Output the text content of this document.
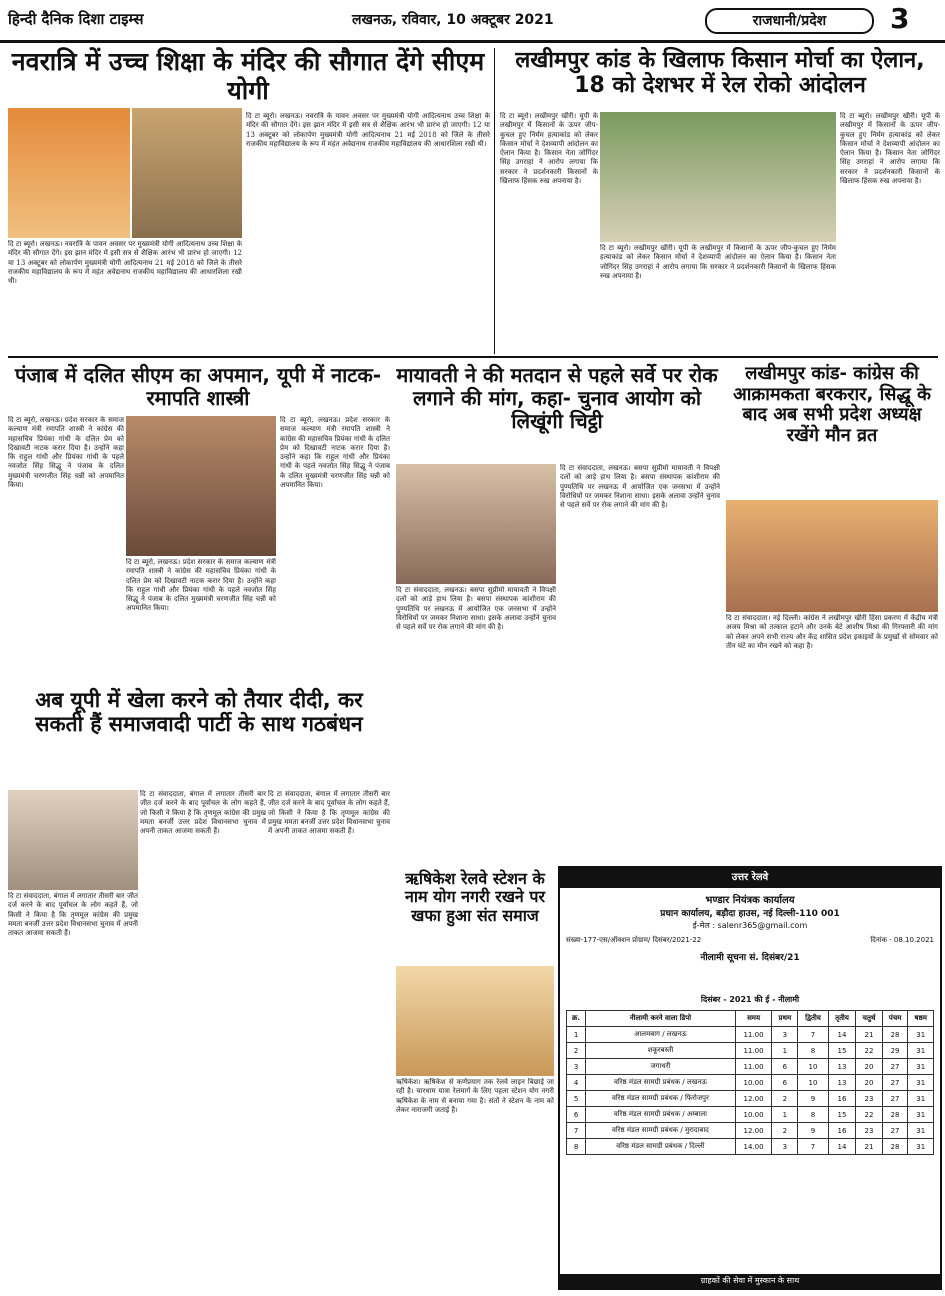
हिन्दी दैनिक दिशा टाइम्स	लखनऊ, रविवार, 10 अक्टूबर 2021	राजधानी/प्रदेश	3
नवरात्रि में उच्च शिक्षा के मंदिर की सौगात देंगे सीएम योगी
दि टा ब्यूरो। लखनऊ। नवरात्रि के पावन अवसर पर मुख्यमंत्री योगी आदित्यनाथ उच्च शिक्षा के मंदिर की सौगात देंगे। इस झान मंदिर में इसी सत्र से शैक्षिक आरंभ भी प्रारंभ हो जाएगी। 12 या 13 अक्टूबर को लोकार्पण मुख्यमंत्री योगी आदित्यनाथ 21 मई 2018 को जिले के तीसरे राजकीय महाविद्यालय के रूप में महंत अवेद्यनाथ राजकीय महाविद्यालय की आधारशिला रखी थी।
दि टा ब्यूरो। लखनऊ। नवरात्रि के पावन अवसर पर मुख्यमंत्री योगी आदित्यनाथ उच्च शिक्षा के मंदिर की सौगात देंगे। इस झान मंदिर में इसी सत्र से शैक्षिक आरंभ भी प्रारंभ हो जाएगी। 12 या 13 अक्टूबर को लोकार्पण मुख्यमंत्री योगी आदित्यनाथ 21 मई 2018 को जिले के तीसरे राजकीय महाविद्यालय के रूप में महंत अवेद्यनाथ राजकीय महाविद्यालय की आधारशिला रखी थी।
लखीमपुर कांड के खिलाफ किसान मोर्चा का ऐलान, 18 को देशभर में रेल रोको आंदोलन
दि टा ब्यूरो। लखीमपुर खीरी। यूपी के लखीमपुर में किसानों के ऊपर जीप-कुचल हुए निर्मम हत्याकांड को लेकर किसान मोर्चा ने देशव्यापी आंदोलन का ऐलान किया है। किसान नेता जोगिंदर सिंह उगराहां ने आरोप लगाया कि सरकार ने प्रदर्शनकारी किसानों के खिलाफ हिंसक रुख अपनाया है।
दि टा ब्यूरो। लखीमपुर खीरी। यूपी के लखीमपुर में किसानों के ऊपर जीप-कुचल हुए निर्मम हत्याकांड को लेकर किसान मोर्चा ने देशव्यापी आंदोलन का ऐलान किया है। किसान नेता जोगिंदर सिंह उगराहां ने आरोप लगाया कि सरकार ने प्रदर्शनकारी किसानों के खिलाफ हिंसक रुख अपनाया है।
दि टा ब्यूरो। लखीमपुर खीरी। यूपी के लखीमपुर में किसानों के ऊपर जीप-कुचल हुए निर्मम हत्याकांड को लेकर किसान मोर्चा ने देशव्यापी आंदोलन का ऐलान किया है। किसान नेता जोगिंदर सिंह उगराहां ने आरोप लगाया कि सरकार ने प्रदर्शनकारी किसानों के खिलाफ हिंसक रुख अपनाया है।
पंजाब में दलित सीएम का अपमान, यूपी में नाटक- रमापति शास्त्री
दि टा ब्यूरो, लखनऊ। प्रदेश सरकार के समाज कल्याण मंत्री रमापति शास्त्री ने कांग्रेस की महासचिव प्रियंका गांधी के दलित प्रेम को दिखावटी नाटक करार दिया है। उन्होंने कहा कि राहुल गांधी और प्रियंका गांधी के पहले नवजोत सिंह सिद्धू ने पंजाब के दलित मुख्यमंत्री चरणजीत सिंह चन्नी को अपमानित किया।
दि टा ब्यूरो, लखनऊ। प्रदेश सरकार के समाज कल्याण मंत्री रमापति शास्त्री ने कांग्रेस की महासचिव प्रियंका गांधी के दलित प्रेम को दिखावटी नाटक करार दिया है। उन्होंने कहा कि राहुल गांधी और प्रियंका गांधी के पहले नवजोत सिंह सिद्धू ने पंजाब के दलित मुख्यमंत्री चरणजीत सिंह चन्नी को अपमानित किया।
दि टा ब्यूरो, लखनऊ। प्रदेश सरकार के समाज कल्याण मंत्री रमापति शास्त्री ने कांग्रेस की महासचिव प्रियंका गांधी के दलित प्रेम को दिखावटी नाटक करार दिया है। उन्होंने कहा कि राहुल गांधी और प्रियंका गांधी के पहले नवजोत सिंह सिद्धू ने पंजाब के दलित मुख्यमंत्री चरणजीत सिंह चन्नी को अपमानित किया।
मायावती ने की मतदान से पहले सर्वे पर रोक लगाने की मांग, कहा- चुनाव आयोग को लिखूंगी चिट्ठी
दि टा संवाददाता, लखनऊ। बसपा सुप्रीमो मायावती ने विपक्षी दलों को आड़े हाथ लिया है। बसपा संस्थापक कांशीराम की पुण्यतिथि पर लखनऊ में आयोजित एक जनसभा में उन्होंने विरोधियों पर जमकर निशाना साधा। इसके अलावा उन्होंने चुनाव से पहले सर्वे पर रोक लगाने की मांग की है।
दि टा संवाददाता, लखनऊ। बसपा सुप्रीमो मायावती ने विपक्षी दलों को आड़े हाथ लिया है। बसपा संस्थापक कांशीराम की पुण्यतिथि पर लखनऊ में आयोजित एक जनसभा में उन्होंने विरोधियों पर जमकर निशाना साधा। इसके अलावा उन्होंने चुनाव से पहले सर्वे पर रोक लगाने की मांग की है।
लखीमपुर कांड- कांग्रेस की आक्रामकता बरकरार, सिद्धू के बाद अब सभी प्रदेश अध्यक्ष रखेंगे मौन व्रत
दि टा संवाददाता। नई दिल्ली। कांग्रेस ने लखीमपुर खीरी हिंसा प्रकरण में केंद्रीय मंत्री अजय मिश्रा को तत्काल हटाने और उनके बेटे आशीष मिश्रा की गिरफ्तारी की मांग को लेकर अपने सभी राज्य और केंद्र शासित प्रदेश इकाइयों के प्रमुखों से सोमवार को तीन घंटे का मौन रखने को कहा है।
अब यूपी में खेला करने को तैयार दीदी, कर सकती हैं समाजवादी पार्टी के साथ गठबंधन
दि टा संवाददाता, बंगाल में लगातार तीसरी बार जीत दर्ज करने के बाद पूर्वांचल के लोग कहते हैं, जो किसी ने किया है कि तृणमूल कांग्रेस की प्रमुख ममता बनर्जी उत्तर प्रदेश विधानसभा चुनाव में अपनी ताकत आजमा सकती हैं।
दि टा संवाददाता, बंगाल में लगातार तीसरी बार जीत दर्ज करने के बाद पूर्वांचल के लोग कहते हैं, जो किसी ने किया है कि तृणमूल कांग्रेस की प्रमुख ममता बनर्जी उत्तर प्रदेश विधानसभा चुनाव में अपनी ताकत आजमा सकती हैं।
दि टा संवाददाता, बंगाल में लगातार तीसरी बार जीत दर्ज करने के बाद पूर्वांचल के लोग कहते हैं, जो किसी ने किया है कि तृणमूल कांग्रेस की प्रमुख ममता बनर्जी उत्तर प्रदेश विधानसभा चुनाव में अपनी ताकत आजमा सकती हैं।
ऋषिकेश रेलवे स्टेशन के नाम योग नगरी रखने पर खफा हुआ संत समाज
ऋषिकेश। ऋषिकेश से कर्णप्रयाग तक रेलवे लाइन बिछाई जा रही है। चारधाम यात्रा रेलमार्ग के लिए पहला स्टेशन योग नगरी ऋषिकेश के नाम से बनाया गया है। संतों ने स्टेशन के नाम को लेकर नाराजगी जताई है।
उत्तर रेलवे
भण्डार नियंत्रक कार्यालय
प्रधान कार्यालय, बड़ौदा हाउस, नई दिल्ली-110 001
ई-मेल : salenr365@gmail.com
संख्या-177-एस/ऑक्शन प्रोग्राम/ दिसंबर/2021-22	दिनांक - 08.10.2021
नीलामी सूचना सं. दिसंबर/21
दिसंबर - 2021 की ई - नीलामी
क्र.	नीलामी करने वाला डिपो	समय	प्रथम	द्वितीय	तृतीय	चतुर्थ	पंचम	षष्ठम
1	आलमबाग / लखनऊ	11.00	3	7	14	21	28	31
2	शकूरबस्ती	11.00	1	8	15	22	29	31
3	जगाधरी	11.00	6	10	13	20	27	31
4	वरिष्ठ मंडल सामग्री प्रबंधक / लखनऊ	10.00	6	10	13	20	27	31
5	वरिष्ठ मंडल सामग्री प्रबंधक / फिरोजपुर	12.00	2	9	16	23	27	31
6	वरिष्ठ मंडल सामग्री प्रबंधक / अम्बाला	10.00	1	8	15	22	28	31
7	वरिष्ठ मंडल सामग्री प्रबंधक / मुरादाबाद	12.00	2	9	16	23	27	31
8	वरिष्ठ मंडल सामग्री प्रबंधक / दिल्ली	14.00	3	7	14	21	28	31
ग्राहकों की सेवा में मुस्कान के साथ
